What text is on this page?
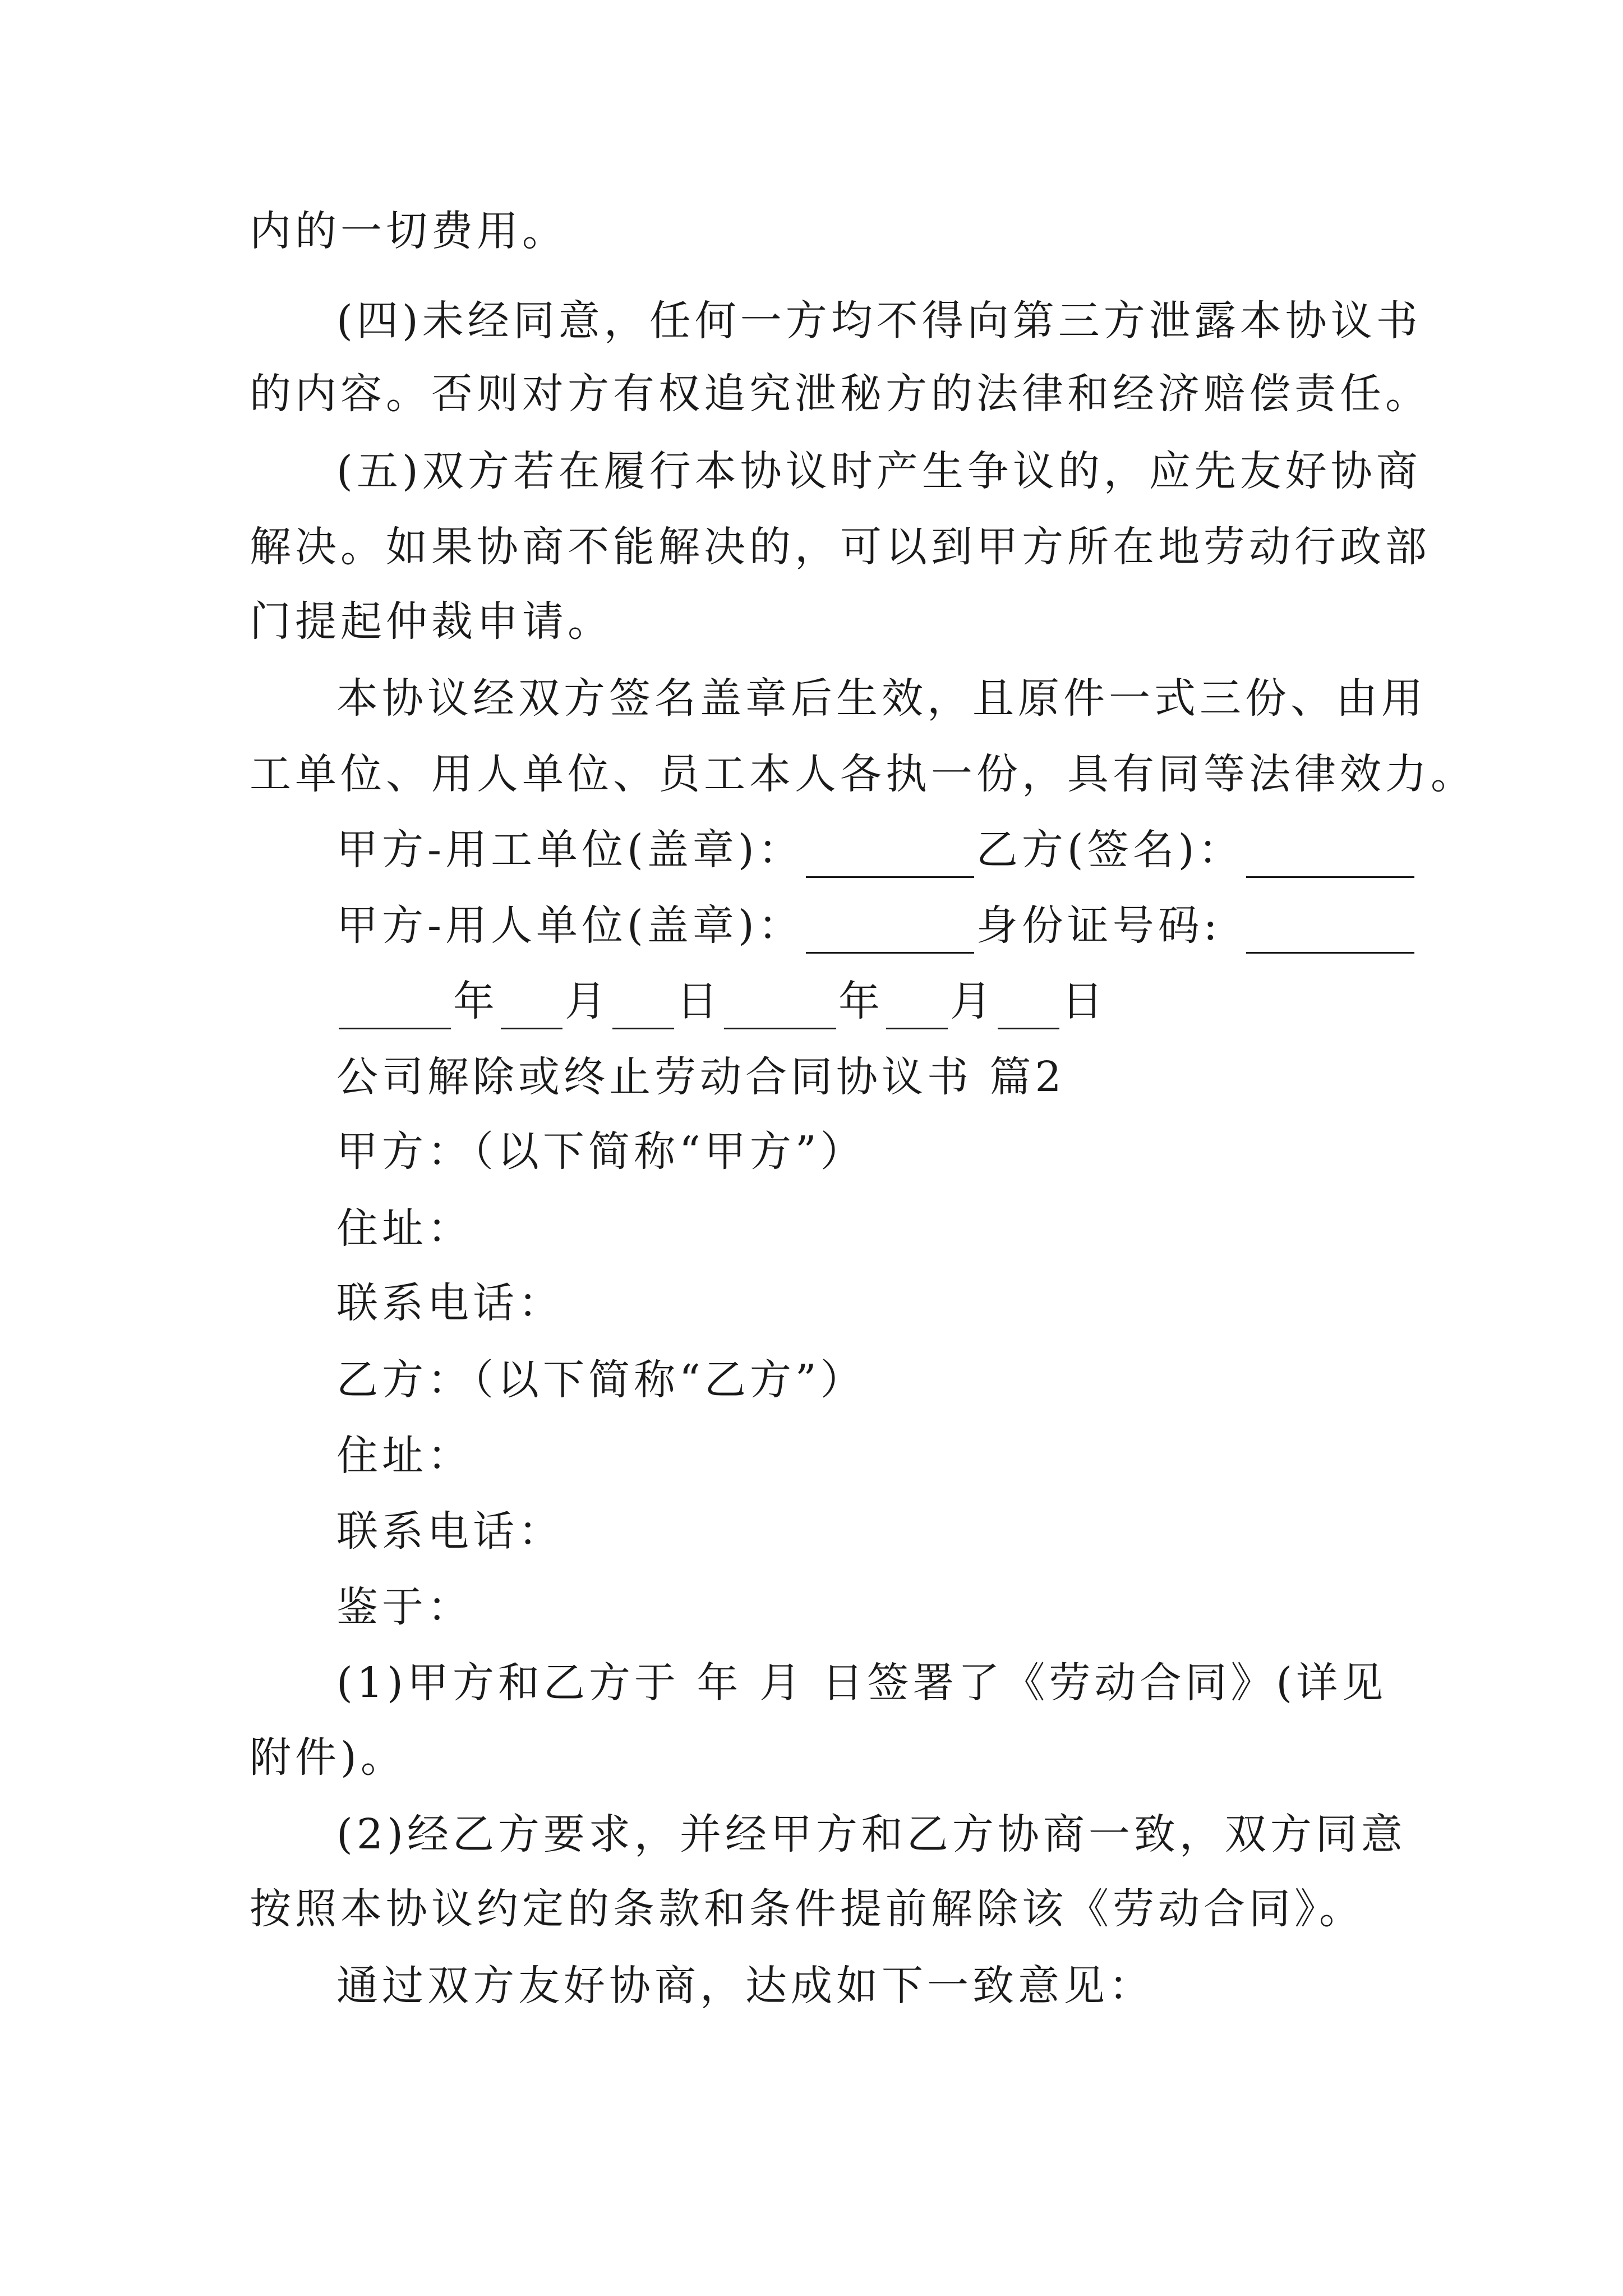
内的一切费用。
(四)未经同意，任何一方均不得向第三方泄露本协议书
的内容。否则对方有权追究泄秘方的法律和经济赔偿责任。
(五)双方若在履行本协议时产生争议的，应先友好协商
解决。如果协商不能解决的，可以到甲方所在地劳动行政部
门提起仲裁申请。
本协议经双方签名盖章后生效，且原件一式三份、由用
工单位、用人单位、员工本人各执一份，具有同等法律效力。
甲方-用工单位(盖章)：	乙方(签名)：
甲方-用人单位(盖章)：	身份证号码:
年 月 日	年 月 日
公司解除或终止劳动合同协议书 篇2
甲方：（以下简称“甲方”）
住址：
联系电话：
乙方：（以下简称“乙方”）
住址：
联系电话：
鉴于：
(1)甲方和乙方于 年 月 日签署了《劳动合同》(详见
附件)。
(2)经乙方要求，并经甲方和乙方协商一致，双方同意
按照本协议约定的条款和条件提前解除该《劳动合同》。
通过双方友好协商，达成如下一致意见：
